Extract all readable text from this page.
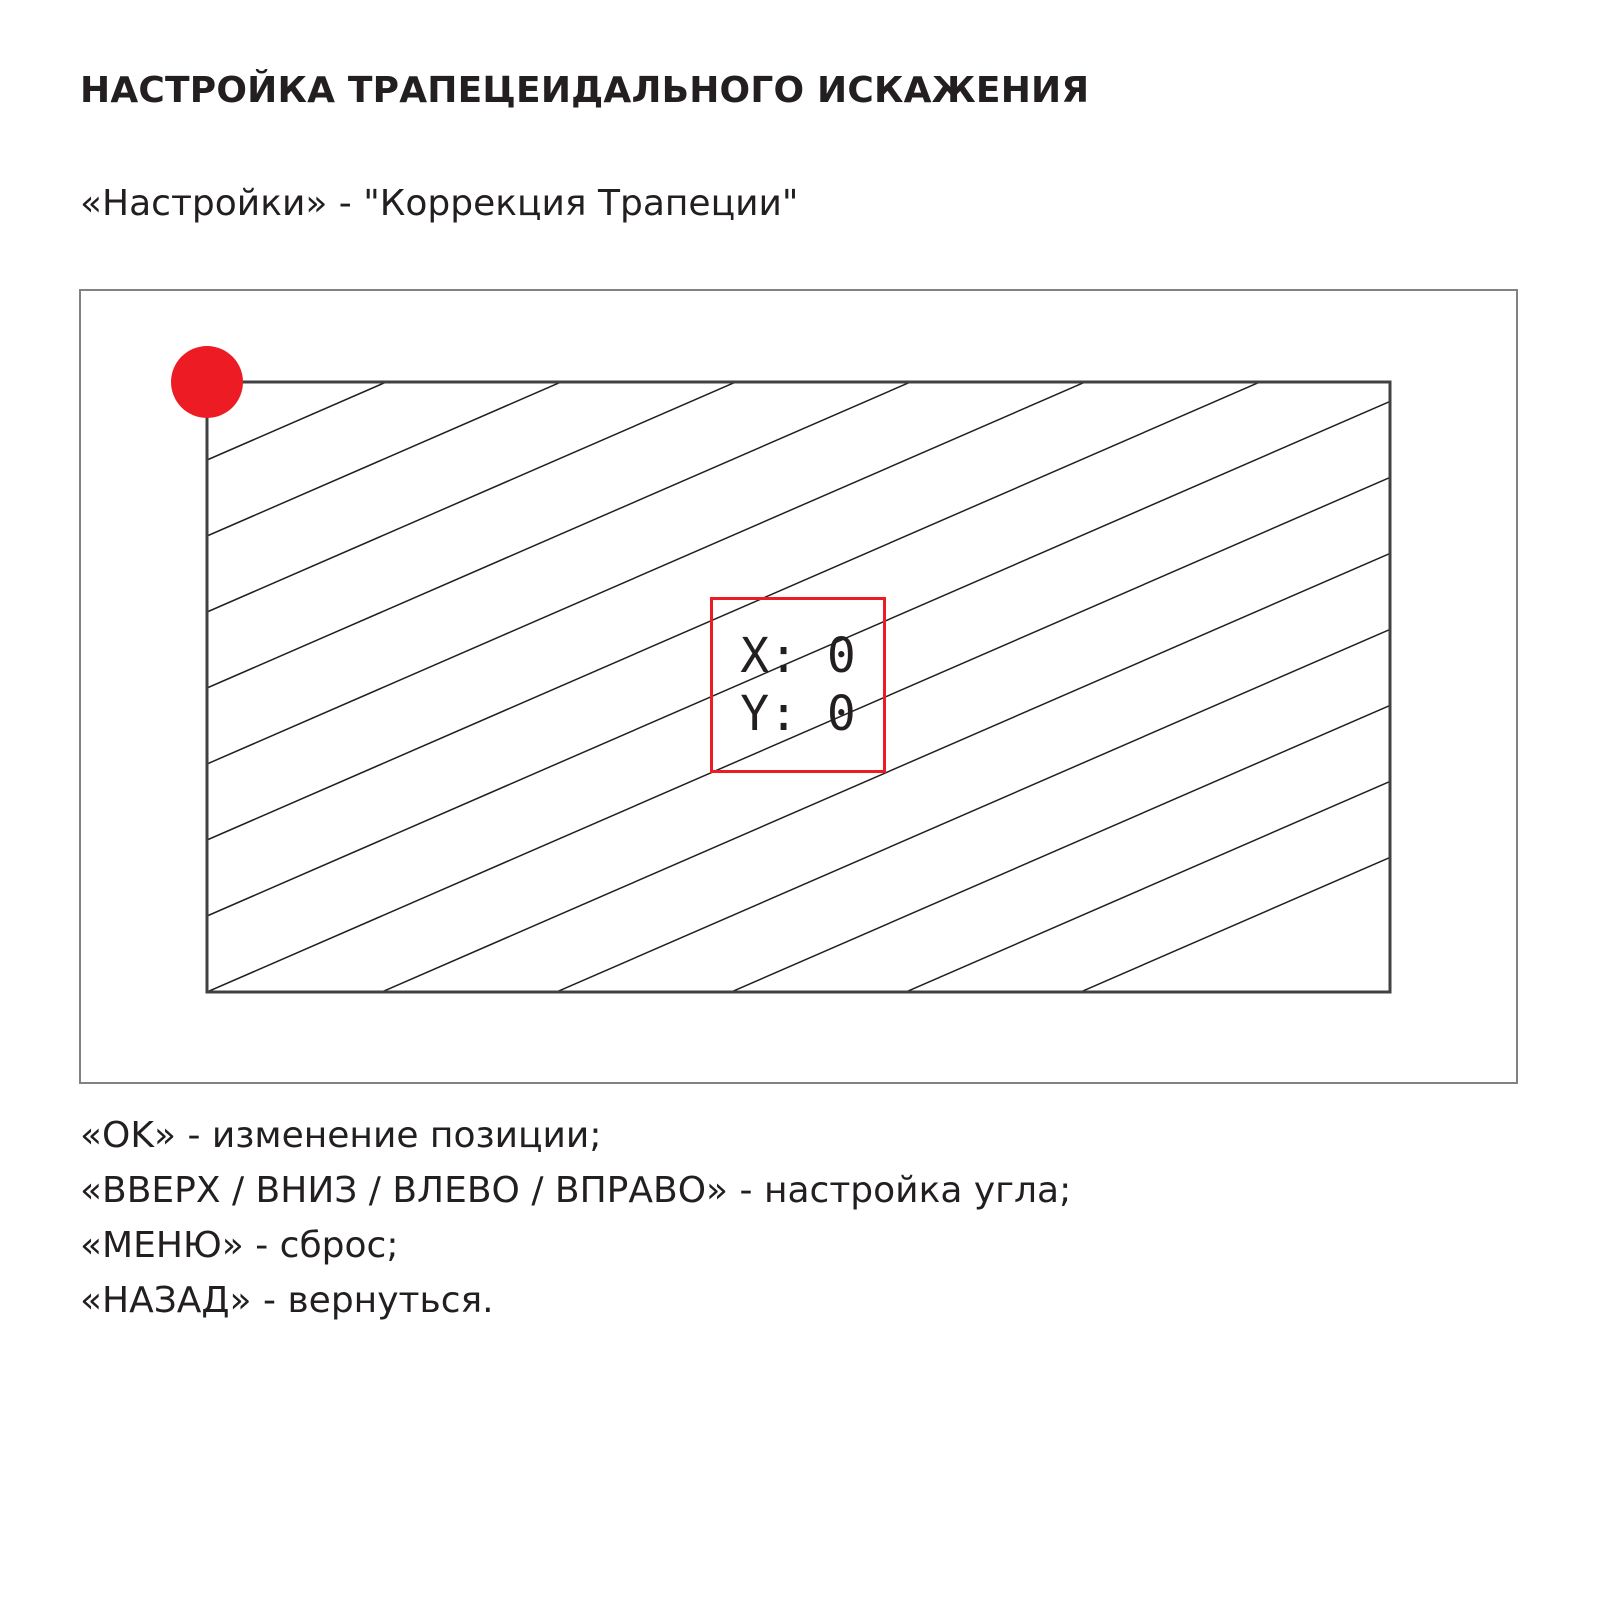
НАСТРОЙКА ТРАПЕЦЕИДАЛЬНОГО ИСКАЖЕНИЯ

«Настройки» - "Коррекция Трапеции"

X: 0
Y: 0
«OK» - изменение позиции;
«ВВЕРХ / ВНИЗ / ВЛЕВО / ВПРАВО» - настройка угла;
«МЕНЮ» - сброс;
«НАЗАД» - вернуться.
